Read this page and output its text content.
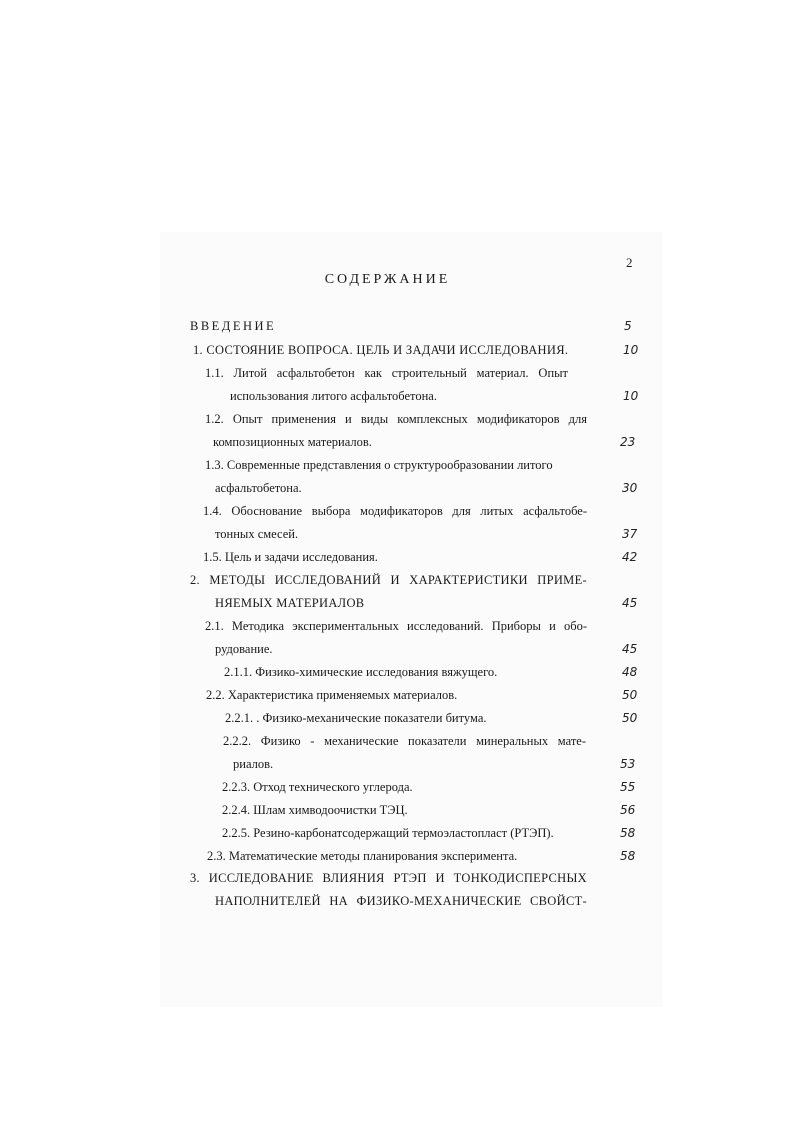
2
СОДЕРЖАНИЕ
ВВЕДЕНИЕ	5
1. СОСТОЯНИЕ ВОПРОСА. ЦЕЛЬ И ЗАДАЧИ ИССЛЕДОВАНИЯ.	10
1.1. Литой асфальтобетон как строительный материал. Опыт
использования литого асфальтобетона.	10
1.2. Опыт применения и виды комплексных модификаторов для
композиционных материалов.	23
1.3. Современные представления о структурообразовании литого
асфальтобетона.	30
1.4. Обоснование выбора модификаторов для литых асфальтобе-
тонных смесей.	37
1.5. Цель и задачи исследования.	42
2. МЕТОДЫ ИССЛЕДОВАНИЙ И ХАРАКТЕРИСТИКИ ПРИМЕ-
НЯЕМЫХ МАТЕРИАЛОВ	45
2.1. Методика экспериментальных исследований. Приборы и обо-
рудование.	45
2.1.1. Физико-химические исследования вяжущего.	48
2.2. Характеристика применяемых материалов.	50
2.2.1. . Физико-механические показатели битума.	50
2.2.2. Физико - механические показатели минеральных мате-
риалов.	53
2.2.3. Отход технического углерода.	55
2.2.4. Шлам химводоочистки ТЭЦ.	56
2.2.5. Резино-карбонатсодержащий термоэластопласт (РТЭП).	58
2.3. Математические методы планирования эксперимента.	58
3. ИССЛЕДОВАНИЕ ВЛИЯНИЯ РТЭП И ТОНКОДИСПЕРСНЫХ
НАПОЛНИТЕЛЕЙ НА ФИЗИКО-МЕХАНИЧЕСКИЕ СВОЙСТ-
